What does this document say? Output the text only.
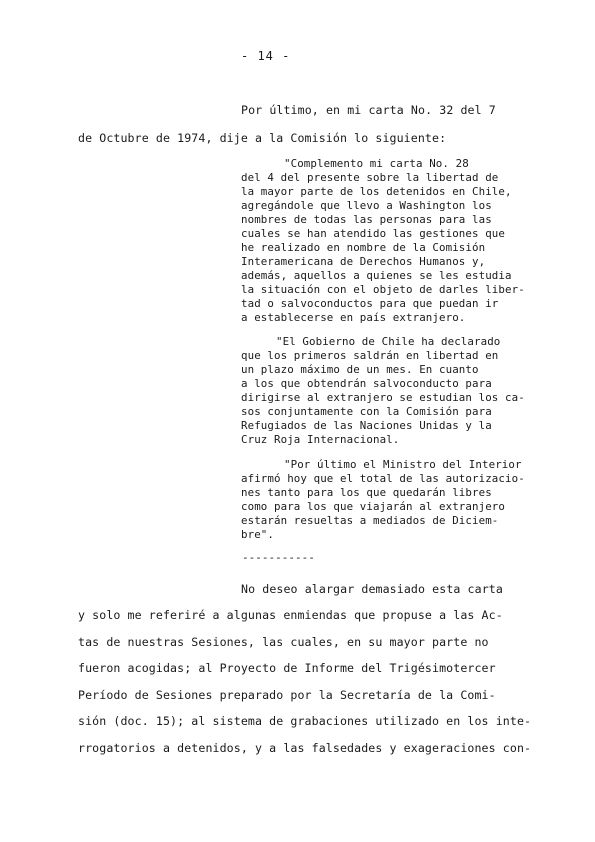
- 14 -
Por último, en mi carta No. 32 del 7
de Octubre de 1974, dije a la Comisión lo siguiente:
"Complemento mi carta No. 28
del 4 del presente sobre la libertad de
la mayor parte de los detenidos en Chile,
agregándole que llevo a Washington los
nombres de todas las personas para las
cuales se han atendido las gestiones que
he realizado en nombre de la Comisión
Interamericana de Derechos Humanos y,
además, aquellos a quienes se les estudia
la situación con el objeto de darles liber-
tad o salvoconductos para que puedan ir
a establecerse en país extranjero.
"El Gobierno de Chile ha declarado
que los primeros saldrán en libertad en
un plazo máximo de un mes. En cuanto
a los que obtendrán salvoconducto para
dirigirse al extranjero se estudian los ca-
sos conjuntamente con la Comisión para
Refugiados de las Naciones Unidas y la
Cruz Roja Internacional.
"Por último el Ministro del Interior
afirmó hoy que el total de las autorizacio-
nes tanto para los que quedarán libres
como para los que viajarán al extranjero
estarán resueltas a mediados de Diciem-
bre".
-----------
No deseo alargar demasiado esta carta
y solo me referiré a algunas enmiendas que propuse a las Ac-
tas de nuestras Sesiones, las cuales, en su mayor parte no
fueron acogidas; al Proyecto de Informe del Trigésimotercer
Período de Sesiones preparado por la Secretaría de la Comi-
sión (doc. 15); al sistema de grabaciones utilizado en los inte-
rrogatorios a detenidos, y a las falsedades y exageraciones con-
